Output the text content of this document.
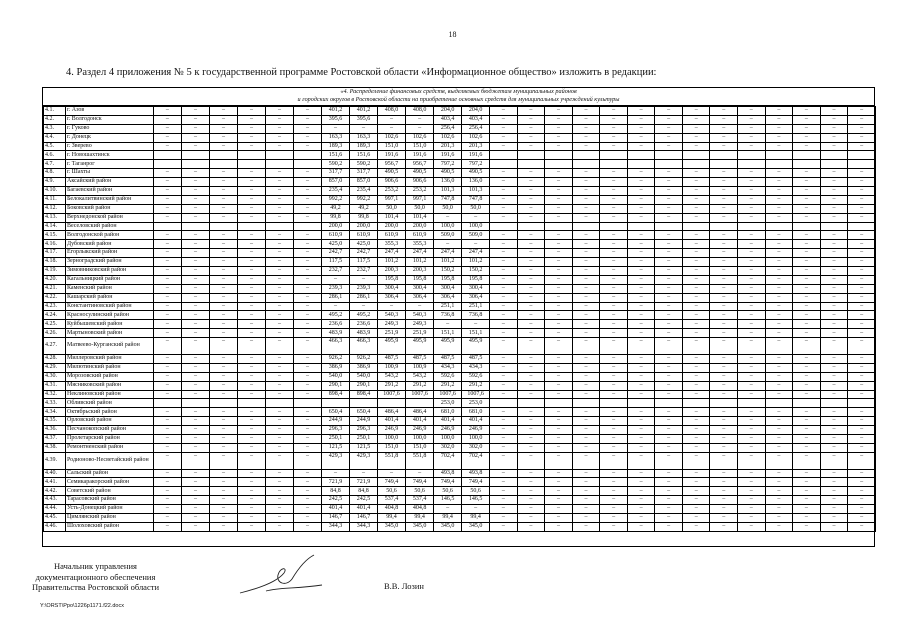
18
4. Раздел 4 приложения № 5 к государственной программе Ростовской области «Информационное общество» изложить в редакции:
«4. Распределение финансовых средств, выделяемых бюджетам муниципальных районов
и городских округов в Ростовской области на приобретение основных средств для муниципальных учреждений культуры
4.1.	г. Азов	–	–	–	–	–	–	401,2	401,2	408,0	408,0	204,0	204,0	–	–	–	–	–	–	–	–	–	–	–	–	–	–
4.2.	г. Волгодонск	–	–	–	–	–	–	395,6	395,6	–	–	403,4	403,4	–	–	–	–	–	–	–	–	–	–	–	–	–	–
4.3.	г. Гуково	–	–	–	–	–	–	–	–	–	–	256,4	256,4	–	–	–	–	–	–	–	–	–	–	–	–	–	–
4.4.	г. Донецк	–	–	–	–	–	–	163,3	163,3	102,6	102,6	102,6	102,6	–	–	–	–	–	–	–	–	–	–	–	–	–	–
4.5.	г. Зверево	–	–	–	–	–	–	189,3	189,3	151,0	151,0	201,3	201,3	–	–	–	–	–	–	–	–	–	–	–	–	–	–
4.6.	г. Новошахтинск							151,6	151,6	191,6	191,6	191,6	191,6														
4.7.	г. Таганрог							590,2	590,2	956,7	956,7	797,2	797,2														
4.8.	г. Шахты	–	–	–	–	–	–	317,7	317,7	490,5	490,5	490,5	490,5	–	–	–	–	–	–	–	–	–	–	–	–	–	–
4.9.	Аксайский район	–	–	–	–	–	–	857,0	857,0	906,6	906,6	136,0	136,0	–	–	–	–	–	–	–	–	–	–	–	–	–	–
4.10.	Багаевский район	–	–	–	–	–	–	235,4	235,4	253,2	253,2	101,3	101,3	–	–	–	–	–	–	–	–	–	–	–	–	–	–
4.11.	Белокалитвинский район	–	–	–	–	–	–	992,2	992,2	997,1	997,1	747,8	747,8	–	–	–	–	–	–	–	–	–	–	–	–	–	–
4.12.	Боковский район	–	–	–	–	–	–	49,2	49,2	50,0	50,0	50,0	50,0	–	–	–	–	–	–	–	–	–	–	–	–	–	–
4.13.	Верхнедонской район	–	–	–	–	–	–	99,8	99,8	101,4	101,4	–	–	–	–	–	–	–	–	–	–	–	–	–	–	–	–
4.14.	Веселовский район							200,0	200,0	200,0	200,0	100,0	100,0														
4.15.	Волгодонской район	–	–	–	–	–	–	610,9	610,9	610,9	610,9	509,0	509,0	–	–	–	–	–	–	–	–	–	–	–	–	–	–
4.16.	Дубовский район	–	–	–	–	–	–	425,0	425,0	355,3	355,3	–	–	–	–	–	–	–	–	–	–	–	–	–	–	–	–
4.17.	Егорлыкский район	–	–	–	–	–	–	242,7	242,7	247,4	247,4	247,4	247,4	–	–	–	–	–	–	–	–	–	–	–	–	–	–
4.18.	Зерноградский район	–	–	–	–	–	–	117,5	117,5	101,2	101,2	101,2	101,2	–	–	–	–	–	–	–	–	–	–	–	–	–	–
4.19.	Зимовниковский район	–	–	–	–	–	–	232,7	232,7	200,3	200,3	150,2	150,2	–	–	–	–	–	–	–	–	–	–	–	–	–	–
4.20.	Кагальницкий район	–	–	–	–	–	–	–	–	195,8	195,8	195,8	195,8	–	–	–	–	–	–	–	–	–	–	–	–	–	–
4.21.	Каменский район	–	–	–	–	–	–	239,3	239,3	300,4	300,4	300,4	300,4	–	–	–	–	–	–	–	–	–	–	–	–	–	–
4.22.	Кашарский район	–	–	–	–	–	–	286,1	286,1	306,4	306,4	306,4	306,4	–	–	–	–	–	–	–	–	–	–	–	–	–	–
4.23.	Константиновский район	–	–	–	–	–	–	–	–	–	–	251,1	251,1	–	–	–	–	–	–	–	–	–	–	–	–	–	–
4.24.	Красносулинский район	–	–	–	–	–	–	495,2	495,2	540,3	540,3	736,8	736,8	–	–	–	–	–	–	–	–	–	–	–	–	–	–
4.25.	Куйбышевский район	–	–	–	–	–	–	236,6	236,6	249,3	249,3	–	–	–	–	–	–	–	–	–	–	–	–	–	–	–	–
4.26.	Мартыновский район	–	–	–	–	–	–	483,9	483,9	251,9	251,9	151,1	151,1	–	–	–	–	–	–	–	–	–	–	–	–	–	–
4.27.	Матвеево-Курганский район	–	–	–	–	–	–	466,3	466,3	495,9	495,9	495,9	495,9	–	–	–	–	–	–	–	–	–	–	–	–	–	–
4.28.	Миллеровский район	–	–	–	–	–	–	926,2	926,2	487,5	487,5	487,5	487,5	–	–	–	–	–	–	–	–	–	–	–	–	–	–
4.29.	Милютинский район	–	–	–	–	–	–	386,9	386,9	100,9	100,9	434,3	434,3	–	–	–	–	–	–	–	–	–	–	–	–	–	–
4.30.	Морозовский район	–	–	–	–	–	–	540,0	540,0	543,2	543,2	592,6	592,6	–	–	–	–	–	–	–	–	–	–	–	–	–	–
4.31.	Мясниковский район	–	–	–	–	–	–	290,1	290,1	291,2	291,2	291,2	291,2	–	–	–	–	–	–	–	–	–	–	–	–	–	–
4.32.	Неклиновский район	–	–	–	–	–	–	898,4	898,4	1007,6	1007,6	1007,6	1007,6	–	–	–	–	–	–	–	–	–	–	–	–	–	–
4.33.	Обливский район											253,0	253,0														
4.34.	Октябрьский район	–	–	–	–	–	–	650,4	650,4	486,4	486,4	681,0	681,0	–	–	–	–	–	–	–	–	–	–	–	–	–	–
4.35.	Орловский район	–	–	–	–	–	–	244,9	244,9	401,4	401,4	401,4	401,4	–	–	–	–	–	–	–	–	–	–	–	–	–	–
4.36.	Песчанокопский район	–	–	–	–	–	–	296,3	296,3	246,9	246,9	246,9	246,9	–	–	–	–	–	–	–	–	–	–	–	–	–	–
4.37.	Пролетарский район	–	–	–	–	–	–	250,1	250,1	100,0	100,0	100,0	100,0	–	–	–	–	–	–	–	–	–	–	–	–	–	–
4.38.	Ремонтненский район	–	–	–	–	–	–	121,5	121,5	151,0	151,0	302,0	302,0	–	–	–	–	–	–	–	–	–	–	–	–	–	–
4.39.	Родионово-Несветайский район	–	–	–	–	–	–	429,3	429,3	551,8	551,8	702,4	702,4	–	–	–	–	–	–	–	–	–	–	–	–	–	–
4.40.	Сальский район	–	–	–	–	–	–	–	–	–	–	493,8	493,8	–	–	–	–	–	–	–	–	–	–	–	–	–	–
4.41.	Семикаракорский район	–	–	–	–	–	–	721,9	721,9	749,4	749,4	749,4	749,4	–	–	–	–	–	–	–	–	–	–	–	–	–	–
4.42.	Советский район	–	–	–	–	–	–	84,8	84,8	50,6	50,6	50,6	50,6	–	–	–	–	–	–	–	–	–	–	–	–	–	–
4.43.	Тарасовский район	–	–	–	–	–	–	242,5	242,5	537,4	537,4	146,5	146,5	–	–	–	–	–	–	–	–	–	–	–	–	–	–
4.44.	Усть-Донецкий район	–	–	–	–	–	–	401,4	401,4	404,8	404,8	–	–	–	–	–	–	–	–	–	–	–	–	–	–	–	–
4.45.	Цимлянский район	–	–	–	–	–	–	146,7	146,7	99,4	99,4	99,4	99,4	–	–	–	–	–	–	–	–	–	–	–	–	–	–
4.46.	Шолоховский район	–	–	–	–	–	–	344,3	344,3	345,0	345,0	345,0	345,0	–	–	–	–	–	–	–	–	–	–	–	–	–	–
Начальник управления
документационного обеспечения
Правительства Ростовской области	В.В. Лозин
Y:\ORST\Ppo\1226p1171.f22.docx
